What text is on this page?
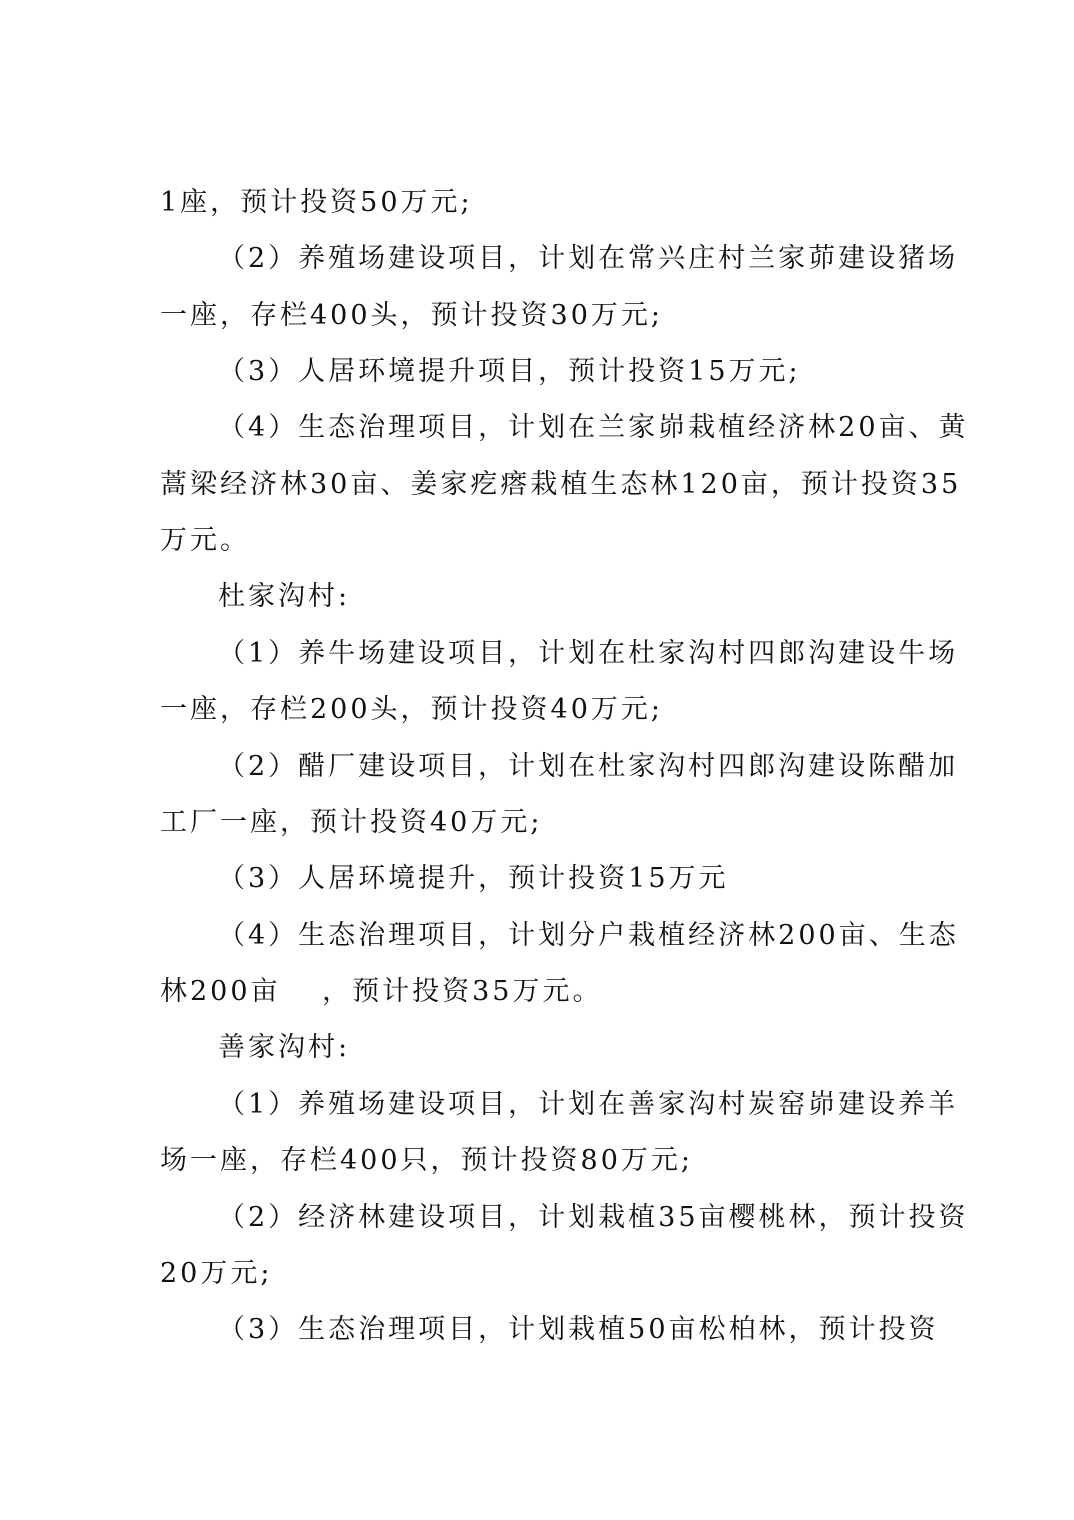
1座，预计投资50万元;
（2）养殖场建设项目，计划在常兴庄村兰家茆建设猪场
一座，存栏400头，预计投资30万元;
（3）人居环境提升项目，预计投资15万元;
（4）生态治理项目，计划在兰家峁栽植经济林20亩、黄
蒿梁经济林30亩、姜家疙瘩栽植生态林120亩，预计投资35
万元。
杜家沟村:
（1）养牛场建设项目，计划在杜家沟村四郎沟建设牛场
一座，存栏200头，预计投资40万元;
（2）醋厂建设项目，计划在杜家沟村四郎沟建设陈醋加
工厂一座，预计投资40万元;
（3）人居环境提升，预计投资15万元
（4）生态治理项目，计划分户栽植经济林200亩、生态
林200亩　 ，预计投资35万元。
善家沟村:
（1）养殖场建设项目，计划在善家沟村炭窑峁建设养羊
场一座，存栏400只，预计投资80万元;
（2）经济林建设项目，计划栽植35亩樱桃林，预计投资
20万元;
（3）生态治理项目，计划栽植50亩松柏林，预计投资
